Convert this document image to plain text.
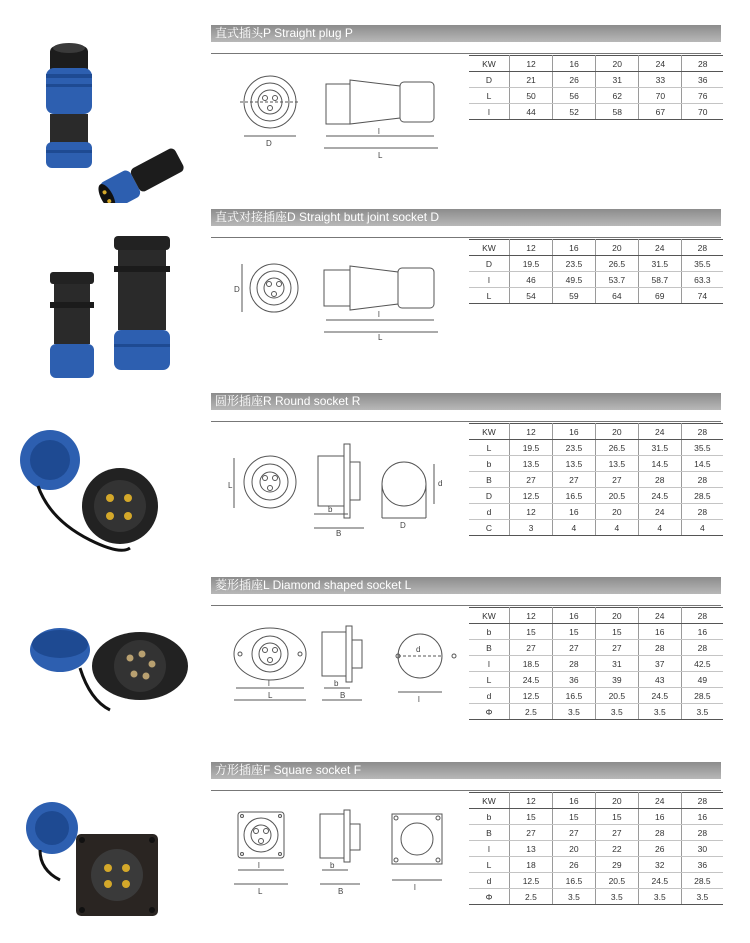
直式插头P Straight plug P
D
l
L
KW	12	16	20	24	28
D	21	26	31	33	36
L	50	56	62	70	76
l	44	52	58	67	70
直式对接插座D Straight butt joint socket D
D
l
L
KW	12	16	20	24	28
D	19.5	23.5	26.5	31.5	35.5
l	46	49.5	53.7	58.7	63.3
L	54	59	64	69	74
圆形插座R Round socket R
L
b
B
d
D
KW	12	16	20	24	28
L	19.5	23.5	26.5	31.5	35.5
b	13.5	13.5	13.5	14.5	14.5
B	27	27	27	28	28
D	12.5	16.5	20.5	24.5	28.5
d	12	16	20	24	28
C	3	4	4	4	4
菱形插座L Diamond shaped socket L
l
L
b
B
d
l
KW	12	16	20	24	28
b	15	15	15	16	16
B	27	27	27	28	28
l	18.5	28	31	37	42.5
L	24.5	36	39	43	49
d	12.5	16.5	20.5	24.5	28.5
Φ	2.5	3.5	3.5	3.5	3.5
方形插座F Square socket F
l
L
b
B	l
KW	12	16	20	24	28
b	15	15	15	16	16
B	27	27	27	28	28
l	13	20	22	26	30
L	18	26	29	32	36
d	12.5	16.5	20.5	24.5	28.5
Φ	2.5	3.5	3.5	3.5	3.5
